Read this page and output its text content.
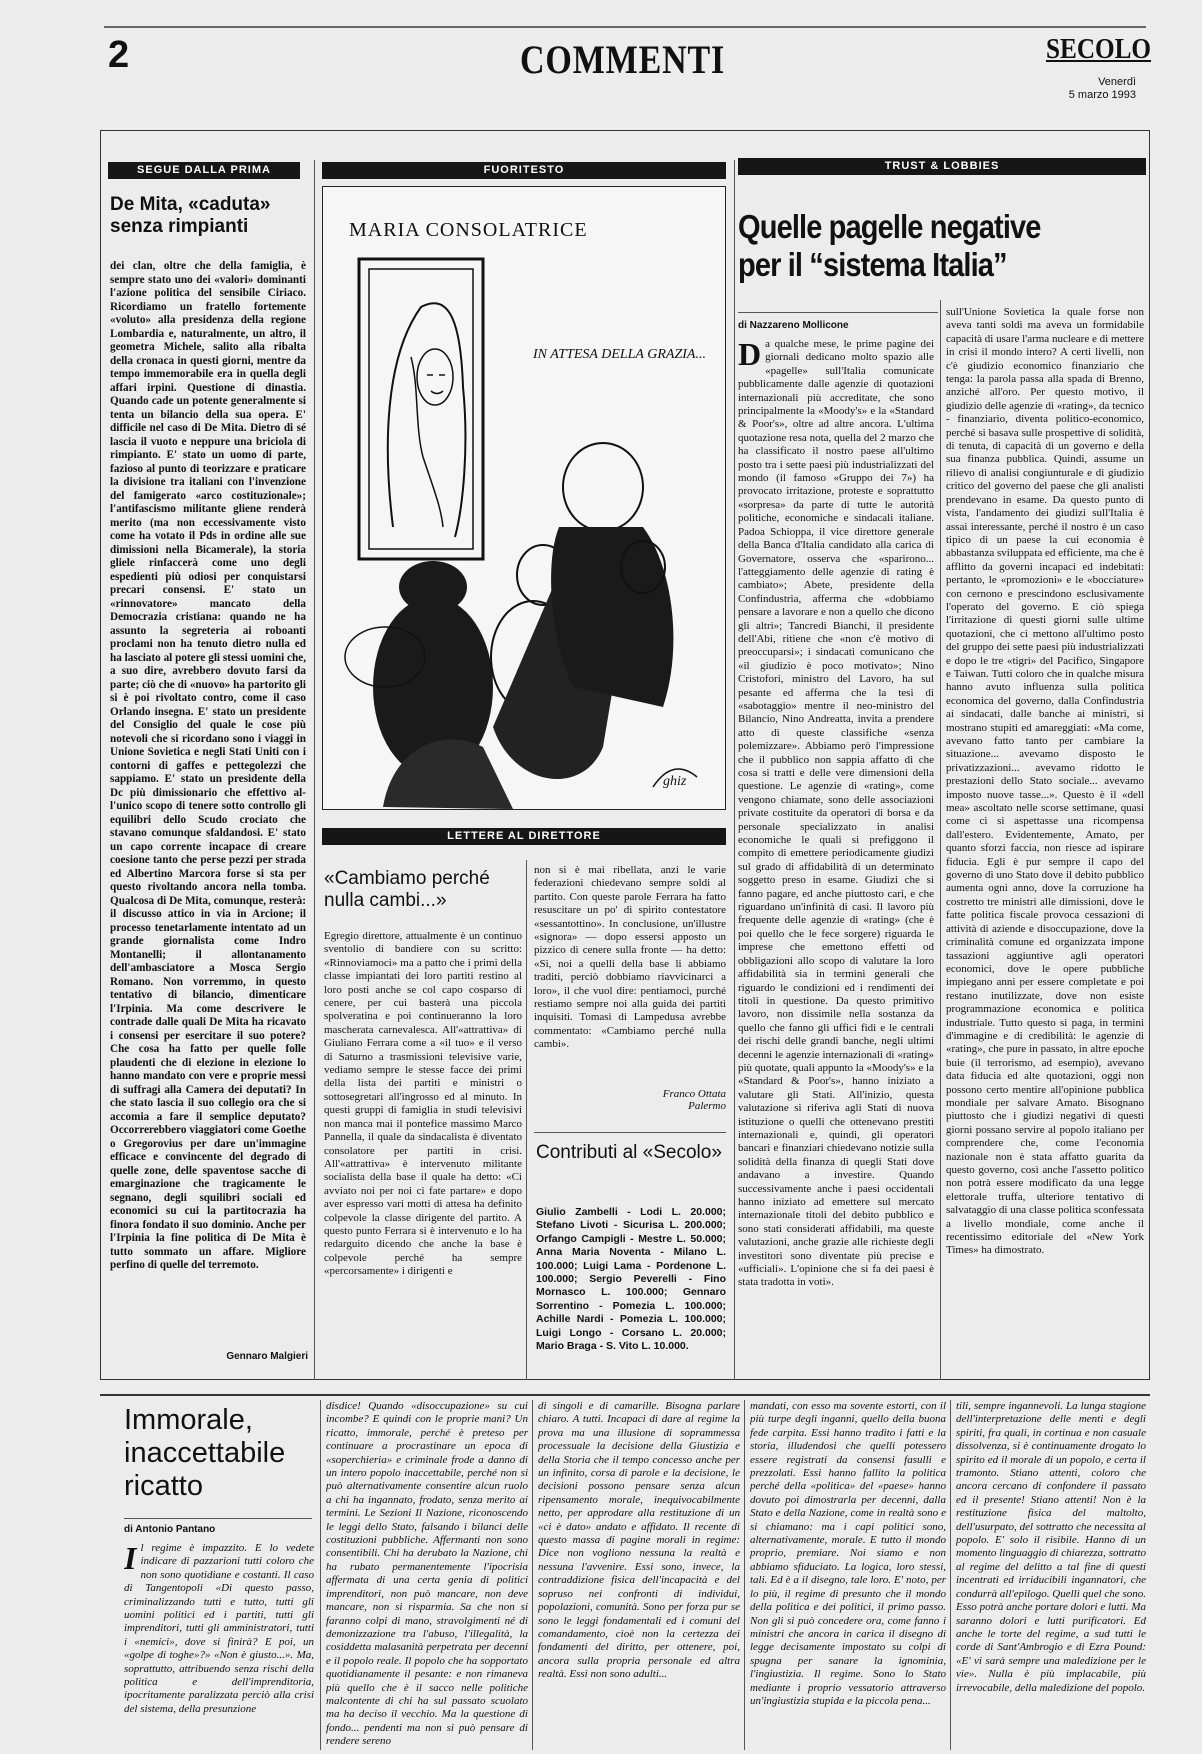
2	COMMENTI	SECOLO
Venerdì
5 marzo 1993
SEGUE DALLA PRIMA
De Mita, «caduta» senza rimpianti
dei clan, oltre che della famiglia, è sempre stato uno dei «valori» dominanti l'azione politica del sensibile Ciriaco. Ricordiamo un fratello fortemente «voluto» alla presidenza della regione Lombardia e, naturalmente, un altro, il geometra Michele, salito alla ribalta della cronaca in questi giorni, mentre da tempo immemorabile era in quella degli affari irpini. Questione di dinastia. Quando cade un potente generalmente si tenta un bilancio della sua opera. E' difficile nel caso di De Mita. Dietro di sé lascia il vuoto e neppure una briciola di rimpianto. E' stato un uomo di parte, fazioso al punto di teorizzare e praticare la divisione tra italiani con l'invenzione del famigerato «arco costituzionale»; l'antifascismo militante gliene renderà merito (ma non eccessivamente visto come ha votato il Pds in ordine alle sue dimissioni nella Bicamerale), la storia gliele rinfaccerà come uno degli espedienti più odiosi per conquistarsi precari consensi. E' stato un «rinnovatore» mancato della Democrazia cristiana: quando ne ha assunto la segreteria ai roboanti proclami non ha tenuto dietro nulla ed ha lasciato al potere gli stessi uomini che, a suo dire, avrebbero dovuto farsi da parte; ciò che di «nuovo» ha partorito gli si è poi rivoltato contro, come il caso Orlando insegna. E' stato un presidente del Consiglio del quale le cose più notevoli che si ricordano sono i viaggi in Unione Sovietica e negli Stati Uniti con i contorni di gaffes e pettegolezzi che sappiamo. E' stato un presidente della Dc più dimissionario che effettivo al-l'unico scopo di tenere sotto controllo gli equilibri dello Scudo crociato che stavano comunque sfaldandosi. E' stato un capo corrente incapace di creare coesione tanto che perse pezzi per strada ed Albertino Marcora forse si sta per questo rivoltando ancora nella tomba. Qualcosa di De Mita, comunque, resterà: il discusso attico in via in Arcione; il processo tenetarlamente intentato ad un grande giornalista come Indro Montanelli; il allontanamento dell'ambasciatore a Mosca Sergio Romano. Non vorremmo, in questo tentativo di bilancio, dimenticare l'Irpinia. Ma come descrivere le contrade dalle quali De Mita ha ricavato i consensi per esercitare il suo potere? Che cosa ha fatto per quelle folle plaudenti che di elezione in elezione lo hanno mandato con vere e proprie messi di suffragi alla Camera dei deputati? In che stato lascia il suo collegio ora che si accomia a fare il semplice deputato? Occorrerebbero viaggiatori come Goethe o Gregorovius per dare un'immagine efficace e convincente del degrado di quelle zone, delle spaventose sacche di emarginazione che tragicamente le segnano, degli squilibri sociali ed economici su cui la partitocrazia ha finora fondato il suo dominio. Anche per l'Irpinia la fine politica di De Mita è tutto sommato un affare. Migliore perfino di quelle del terremoto.
Gennaro Malgieri
FUORITESTO
ghiz
MARIA CONSOLATRICE
IN ATTESA DELLA GRAZIA...
LETTERE AL DIRETTORE
«Cambiamo perché nulla cambi...»
Egregio direttore, attualmente è un continuo sventolio di bandiere con su scritto: «Rinnoviamoci» ma a patto che i primi della classe impiantati dei loro partiti restino al loro posti anche se col capo cosparso di cenere, per cui basterà una piccola spolveratina e poi continueranno la loro mascherata carnevalesca. All'«attrattiva» di Giuliano Ferrara come a «il tuo» e il verso di Saturno a trasmissioni televisive varie, vediamo sempre le stesse facce dei primi della lista dei partiti e ministri o sottosegretari all'ingrosso ed al minuto. In questi gruppi di famiglia in studi televisivi non manca mai il pontefice massimo Marco Pannella, il quale da sindacalista è diventato consolatore per partiti in crisi. All'«attrattiva» è intervenuto militante socialista della base il quale ha detto: «Ci avviato noi per noi ci fate partare» e dopo aver espresso vari motti di attesa ha definito colpevole la classe dirigente del partito. A questo punto Ferrara si è intervenuto e lo ha redarguito dicendo che anche la base è colpevole perché ha sempre «percorsamente» i dirigenti e
non si è mai ribellata, anzi le varie federazioni chiedevano sempre soldi al partito. Con queste parole Ferrara ha fatto resuscitare un po' di spirito contestatore «sessantottino». In conclusione, un'illustre «signora» — dopo essersi apposto un pizzico di cenere sulla fronte — ha detto: «Si, noi a quelli della base li abbiamo traditi, perciò dobbiamo riavvicinarci a loro», il che vuol dire: pentiamoci, purché restiamo sempre noi alla guida dei partiti inquisiti. Tomasi di Lampedusa avrebbe commentato: «Cambiamo perché nulla cambi».
Franco Ottata
Palermo
Contributi al «Secolo»
Giulio Zambelli - Lodi L. 20.000; Stefano Livoti - Sicurisa L. 200.000; Orfango Campigli - Mestre L. 50.000; Anna Maria Noventa - Milano L. 100.000; Luigi Lama - Pordenone L. 100.000; Sergio Peverelli - Fino Mornasco L. 100.000; Gennaro Sorrentino - Pomezia L. 100.000; Achille Nardi - Pomezia L. 100.000; Luigi Longo - Corsano L. 20.000; Mario Braga - S. Vito L. 10.000.
TRUST & LOBBIES
Quelle pagelle negative per il “sistema Italia”
di Nazzareno Mollicone
Da qualche mese, le prime pagine dei giornali dedicano molto spazio alle «pagelle» sull'Italia comunicate pubblicamente dalle agenzie di quotazioni internazionali più accreditate, che sono principalmente la «Moody's» e la «Standard & Poor's», oltre ad altre ancora. L'ultima quotazione resa nota, quella del 2 marzo che ha classificato il nostro paese all'ultimo posto tra i sette paesi più industrializzati del mondo (il famoso «Gruppo dei 7») ha provocato irritazione, proteste e soprattutto «sorpresa» da parte di tutte le autorità politiche, economiche e sindacali italiane. Padoa Schioppa, il vice direttore generale della Banca d'Italia candidato alla carica di Governatore, osserva che «sparirono... l'atteggiamento delle agenzie di rating è cambiato»; Abete, presidente della Confindustria, afferma che «dobbiamo pensare a lavorare e non a quello che dicono gli altri»; Tancredi Bianchi, il presidente dell'Abi, ritiene che «non c'è motivo di preoccuparsi»; i sindacati comunicano che «il giudizio è poco motivato»; Nino Cristofori, ministro del Lavoro, ha sul pesante ed afferma che la tesi di «sabotaggio» mentre il neo-ministro del Bilancio, Nino Andreatta, invita a prendere atto di queste classifiche «senza polemizzare». Abbiamo però l'impressione che il pubblico non sappia affatto di che cosa si tratti e delle vere dimensioni della questione. Le agenzie di «rating», come vengono chiamate, sono delle associazioni private costituite da operatori di borsa e da personale specializzato in analisi economiche le quali si prefiggono il compito di emettere periodicamente giudizi sul grado di affidabilità di un determinato soggetto preso in esame. Giudizi che si fanno pagare, ed anche piuttosto cari, e che riguardano un'infinità di casi. Il lavoro più frequente delle agenzie di «rating» (che è poi quello che le fece sorgere) riguarda le imprese che emettono effetti od obbligazioni allo scopo di valutare la loro affidabilità sia in termini generali che riguardo le condizioni ed i rendimenti dei titoli in questione. Da questo primitivo lavoro, non dissimile nella sostanza da quello che fanno gli uffici fidi e le centrali dei rischi delle grandi banche, negli ultimi decenni le agenzie internazionali di «rating» più quotate, quali appunto la «Moody's» e la «Standard & Poor's», hanno iniziato a valutare gli Stati. All'inizio, questa valutazione si riferiva agli Stati di nuova istituzione o quelli che ottenevano prestiti internazionali e, quindi, gli operatori bancari e finanziari chiedevano notizie sulla solidità della finanza di quegli Stati dove andavano a investire. Quando successivamente anche i paesi occidentali hanno iniziato ad emettere sul mercato internazionale titoli del debito pubblico e sono stati considerati affidabili, ma queste valutazioni, anche grazie alle richieste degli investitori sono diventate più precise e «ufficiali». L'opinione che si fa dei paesi è stata tradotta in voti».
sull'Unione Sovietica la quale forse non aveva tanti soldi ma aveva un formidabile capacità di usare l'arma nucleare e di mettere in crisi il mondo intero? A certi livelli, non c'è giudizio economico finanziario che tenga: la parola passa alla spada di Brenno, anziché all'oro. Per questo motivo, il giudizio delle agenzie di «rating», da tecnico - finanziario, diventa politico-economico, perché si basava sulle prospettive di solidità, di tenuta, di capacità di un governo e della sua finanza pubblica. Quindi, assume un rilievo di analisi congiunturale e di giudizio critico del governo del paese che gli analisti prendevano in esame. Da questo punto di vista, l'andamento dei giudizi sull'Italia è assai interessante, perché il nostro è un caso tipico di un paese la cui economia è abbastanza sviluppata ed efficiente, ma che è afflitto da governi incapaci ed indebitati: pertanto, le «promozioni» e le «bocciature» con cernono e prescindono esclusivamente l'operato del governo. E ciò spiega l'irritazione di questi giorni sulle ultime quotazioni, che ci mettono all'ultimo posto del gruppo dei sette paesi più industrializzati e dopo le tre «tigri» del Pacifico, Singapore e Taiwan. Tutti coloro che in qualche misura hanno avuto influenza sulla politica economica del governo, dalla Confindustria ai sindacati, dalle banche ai ministri, si mostrano stupiti ed amareggiati: «Ma come, avevano fatto tanto per cambiare la situazione... avevamo disposto le privatizzazioni... avevamo ridotto le prestazioni dello Stato sociale... avevamo imposto nuove tasse...». Questo è il «dell mea» ascoltato nelle scorse settimane, quasi come ci si aspettasse una ricompensa dall'estero. Evidentemente, Amato, per quanto sforzi faccia, non riesce ad ispirare fiducia. Egli è pur sempre il capo del governo di uno Stato dove il debito pubblico aumenta ogni anno, dove la corruzione ha costretto tre ministri alle dimissioni, dove le fatte politica fiscale provoca cessazioni di attività di aziende e disoccupazione, dove la criminalità comune ed organizzata impone tassazioni aggiuntive agli operatori economici, dove le opere pubbliche impiegano anni per essere completate e poi restano inutilizzate, dove non esiste programmazione economica e politica industriale. Tutto questo si paga, in termini d'immagine e di credibilità: le agenzie di «rating», che pure in passato, in altre epoche buie (il terrorismo, ad esempio), avevano data fiducia ed alte quotazioni, oggi non possono certo mentire all'opinione pubblica mondiale per salvare Amato. Bisognano piuttosto che i giudizi negativi di questi giorni possano servire al popolo italiano per comprendere che, come l'economia nazionale non è stata affatto guarita da questo governo, così anche l'assetto politico non potrà essere modificato da una legge elettorale truffa, ulteriore tentativo di salvataggio di una classe politica sconfessata a livello mondiale, come anche il recentissimo editoriale del «New York Times» ha dimostrato.
Immorale, inaccettabile ricatto
di Antonio Pantano
Il regime è impazzito. E lo vedete indicare di pazzarioni tutti coloro che non sono quotidiane e costanti. Il caso di Tangentopoli «Di questo passo, criminalizzando tutti e tutto, tutti gli uomini politici ed i partiti, tutti gli imprenditori, tutti gli amministratori, tutti i «nemici», dove si finirà? E poi, un «golpe di toghe»?» «Non è giusto...». Ma, soprattutto, attribuendo senza rischi della politica e dell'imprenditoria, ipocritamente paralizzata perciò alla crisi del sistema, della presunzione
disdice! Quando «disoccupazione» su cui incombe? E quindi con le proprie mani? Un ricatto, immorale, perché è preteso per continuare a procrastinare un epoca di «soperchieria» e criminale frode a danno di un intero popolo inaccettabile, perché non si può alternativamente consentire alcun ruolo a chi ha ingannato, frodato, senza merito ai termini. Le Sezioni Il Nazione, riconoscendo le leggi dello Stato, falsando i bilanci delle costituzioni pubbliche. Affermanti non sono consentibili. Chi ha derubato la Nazione, chi ha rubato permanentemente l'ipocrisia affermata di una certa genia di politici imprenditori, non può mancare, non deve mancare, non si risparmia. Sa che non si faranno colpi di mano, stravolgimenti né di demonizzazione tra l'abuso, l'illegalità, la cosiddetta malasanità perpetrata per decenni e il popolo reale. Il popolo che ha sopportato quotidianamente il pesante: e non rimaneva più quello che è il sacco nelle politiche malcontente di chi ha sul passato scuolato ma ha deciso il vecchio. Ma la questione di fondo... pendenti ma non si può pensare di rendere sereno
di singoli e di camarille. Bisogna parlare chiaro. A tutti. Incapaci di dare al regime la prova ma una illusione di soprammessa processuale la decisione della Giustizia e della Storia che il tempo concesso anche per un infinito, corsa di parole e la decisione, le decisioni possono pensare senza alcun ripensamento morale, inequivocabilmente netto, per approdare alla restituzione di un «ci è dato» andato e affidato. Il recente di questo massa di pagine morali in regime: Dice non vogliono nessuna la realtà e nessuna l'avvenire. Essi sono, invece, la contraddizione fisica dell'incapacità e del sopruso nei confronti di individui, popolazioni, comunità. Sono per forza pur se sono le leggi fondamentali ed i comuni del comandamento, cioè non la certezza dei fondamenti del diritto, per ottenere, poi, ancora sulla propria personale ed altra realtà. Essi non sono adulti...
mandati, con esso ma sovente estorti, con il più turpe degli inganni, quello della buona fede carpita. Essi hanno tradito i fatti e la storia, illudendosi che quelli potessero essere registrati da consensi fasulli e prezzolati. Essi hanno fallito la politica perché della «politica» del «paese» hanno dovuto poi dimostrarla per decenni, dalla Stato e della Nazione, come in realtà sono e si chiamano: ma i capi politici sono, alternativamente, morale. E tutto il mondo proprio, premiare. Noi siamo e non abbiamo sfiduciato. La logica, loro stessi, tali. Ed è a il disegno, tale loro. E' noto, per lo più, il regime di presunto che il mondo della politica e dei politici, il primo passo. Non gli si può concedere ora, come fanno i ministri che ancora in carica il disegno di legge decisamente impostato su colpi di spugna per sanare la ignominia, l'ingiustizia. Il regime. Sono lo Stato mediante i proprio vessatorio attraverso un'ingiustizia stupida e la piccola pena...
tili, sempre ingannevoli. La lunga stagione dell'interpretazione delle menti e degli spiriti, fra quali, in cortinua e non casuale dissolvenza, si è continuamente drogato lo spirito ed il morale di un popolo, e certa il tramonto. Stiano attenti, coloro che ancora cercano di confondere il passato ed il presente! Stiano attenti! Non è la restituzione fisica del maltolto, dell'usurpato, del sottratto che necessita al popolo. E' solo il risibile. Hanno di un momento linguaggio di chiarezza, sottratto al regime del delitto a tal fine di questi incentrati ed irriducibili ingannatori, che condurrà all'epilogo. Quelli quel che sono. Esso potrà anche portare dolori e lutti. Ma saranno dolori e lutti purificatori. Ed anche le torte del regime, a sud tutti le corde di Sant'Ambrogio e di Ezra Pound: «E' vi sarà sempre una maledizione per le vie». Nulla è più implacabile, più irrevocabile, della maledizione del popolo.
